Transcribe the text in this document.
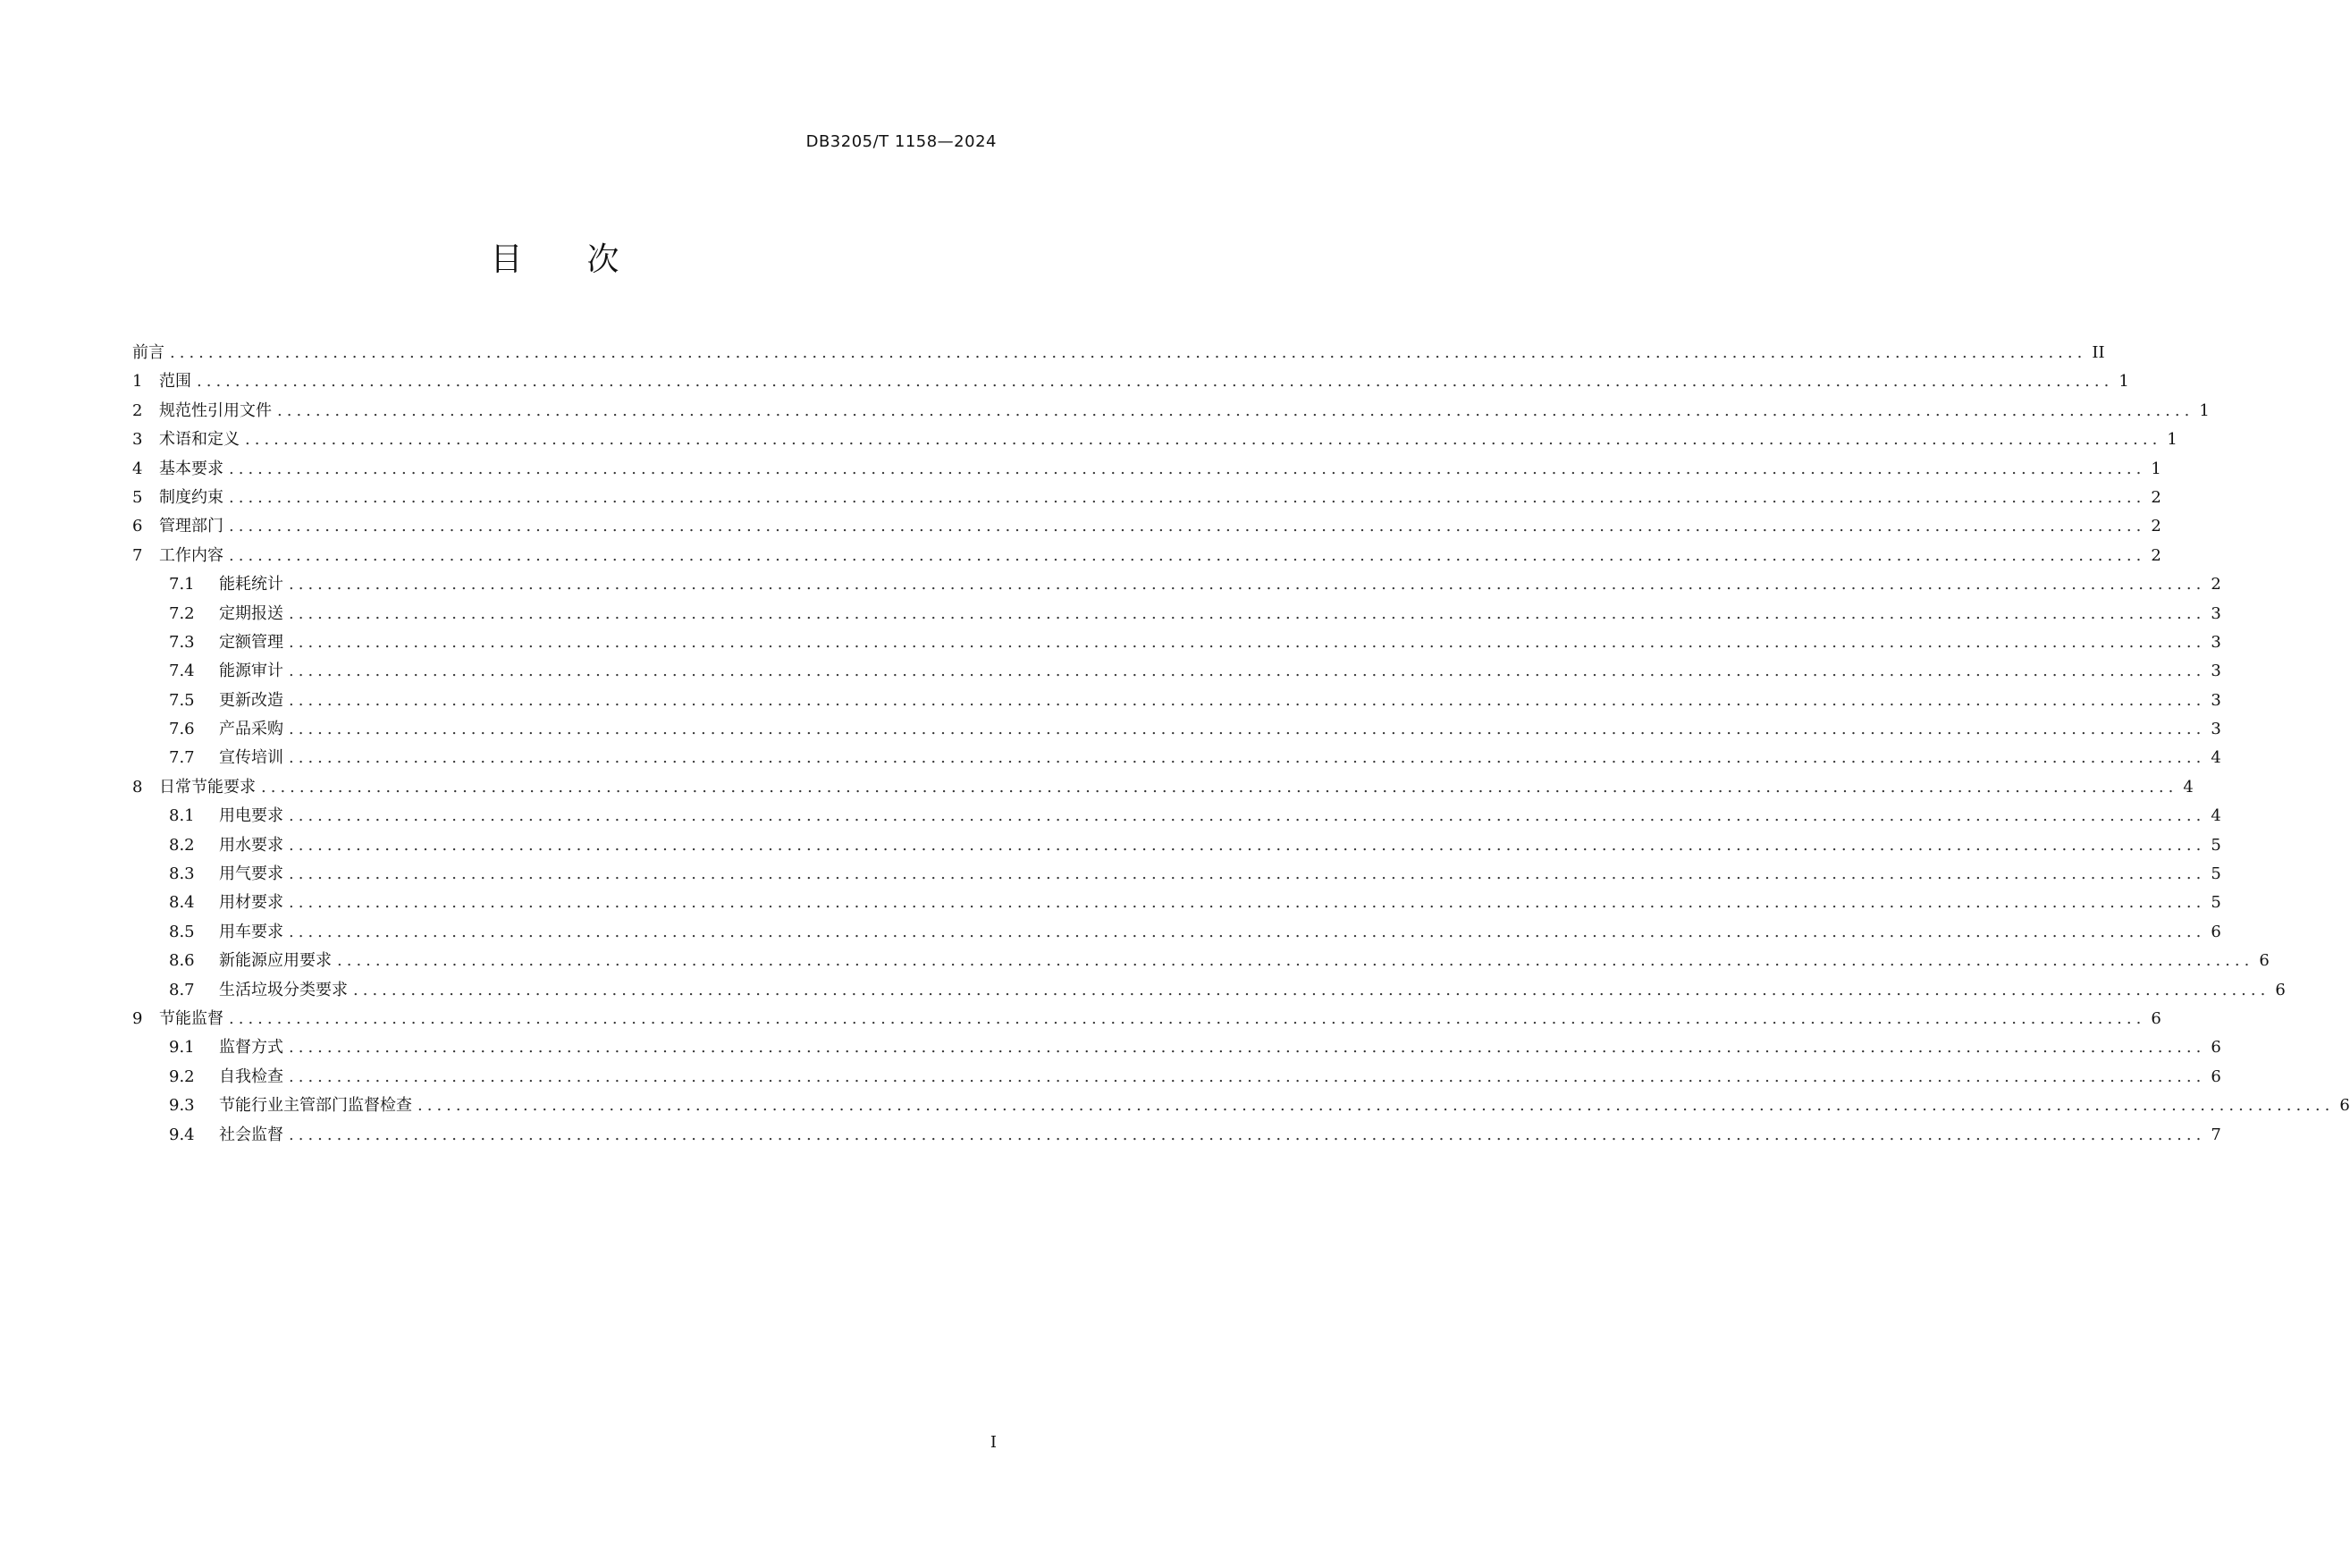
DB3205/T 1158—2024
目 次
前言 ........................................................................................................................................................................................................ II
1	范围 ........................................................................................................................................................................................................ 1
2	规范性引用文件 ........................................................................................................................................................................................................ 1
3	术语和定义 ........................................................................................................................................................................................................ 1
4	基本要求 ........................................................................................................................................................................................................ 1
5	制度约束 ........................................................................................................................................................................................................ 2
6	管理部门 ........................................................................................................................................................................................................ 2
7	工作内容 ........................................................................................................................................................................................................ 2
7.1	能耗统计 ........................................................................................................................................................................................................ 2
7.2	定期报送 ........................................................................................................................................................................................................ 3
7.3	定额管理 ........................................................................................................................................................................................................ 3
7.4	能源审计 ........................................................................................................................................................................................................ 3
7.5	更新改造 ........................................................................................................................................................................................................ 3
7.6	产品采购 ........................................................................................................................................................................................................ 3
7.7	宣传培训 ........................................................................................................................................................................................................ 4
8	日常节能要求 ........................................................................................................................................................................................................ 4
8.1	用电要求 ........................................................................................................................................................................................................ 4
8.2	用水要求 ........................................................................................................................................................................................................ 5
8.3	用气要求 ........................................................................................................................................................................................................ 5
8.4	用材要求 ........................................................................................................................................................................................................ 5
8.5	用车要求 ........................................................................................................................................................................................................ 6
8.6	新能源应用要求 ........................................................................................................................................................................................................ 6
8.7	生活垃圾分类要求 ........................................................................................................................................................................................................ 6
9	节能监督 ........................................................................................................................................................................................................ 6
9.1	监督方式 ........................................................................................................................................................................................................ 6
9.2	自我检查 ........................................................................................................................................................................................................ 6
9.3	节能行业主管部门监督检查 ........................................................................................................................................................................................................ 6
9.4	社会监督 ........................................................................................................................................................................................................ 7
I
